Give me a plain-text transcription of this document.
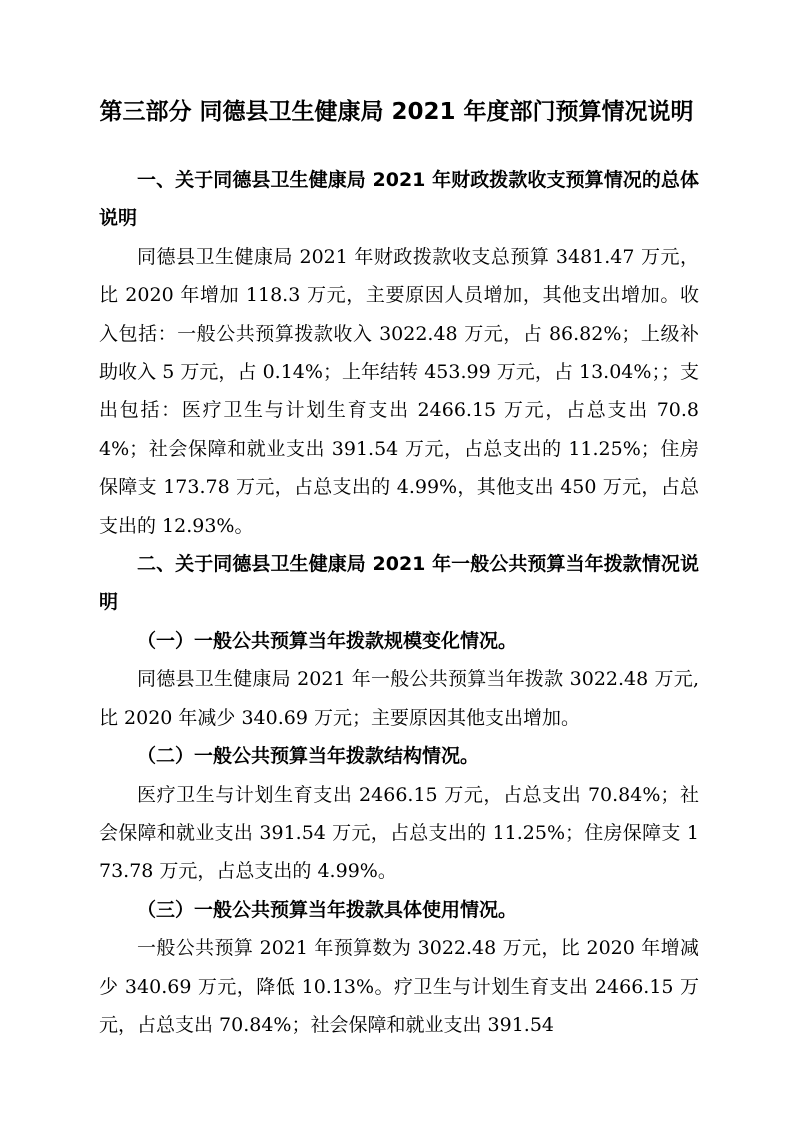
第三部分 同德县卫生健康局 2021 年度部门预算情况说明

一、关于同德县卫生健康局 2021 年财政拨款收支预算情况的总体说明

同德县卫生健康局 2021 年财政拨款收支总预算 3481.47 万元，比 2020 年增加 118.3 万元，主要原因人员增加，其他支出增加。收入包括：一般公共预算拨款收入 3022.48 万元，占 86.82%；上级补助收入 5 万元，占 0.14%；上年结转 453.99 万元，占 13.04%；；支出包括：医疗卫生与计划生育支出 2466.15 万元，占总支出 70.84%；社会保障和就业支出 391.54 万元，占总支出的 11.25%；住房保障支 173.78 万元，占总支出的 4.99%，其他支出 450 万元，占总支出的 12.93%。

二、关于同德县卫生健康局 2021 年一般公共预算当年拨款情况说明

（一）一般公共预算当年拨款规模变化情况。

同德县卫生健康局 2021 年一般公共预算当年拨款 3022.48 万元,比 2020 年减少 340.69 万元；主要原因其他支出增加。

（二）一般公共预算当年拨款结构情况。

医疗卫生与计划生育支出 2466.15 万元，占总支出 70.84%；社会保障和就业支出 391.54 万元，占总支出的 11.25%；住房保障支 173.78 万元，占总支出的 4.99%。

（三）一般公共预算当年拨款具体使用情况。

一般公共预算 2021 年预算数为 3022.48 万元，比 2020 年增减少 340.69 万元，降低 10.13%。疗卫生与计划生育支出 2466.15 万元，占总支出 70.84%；社会保障和就业支出 391.54
